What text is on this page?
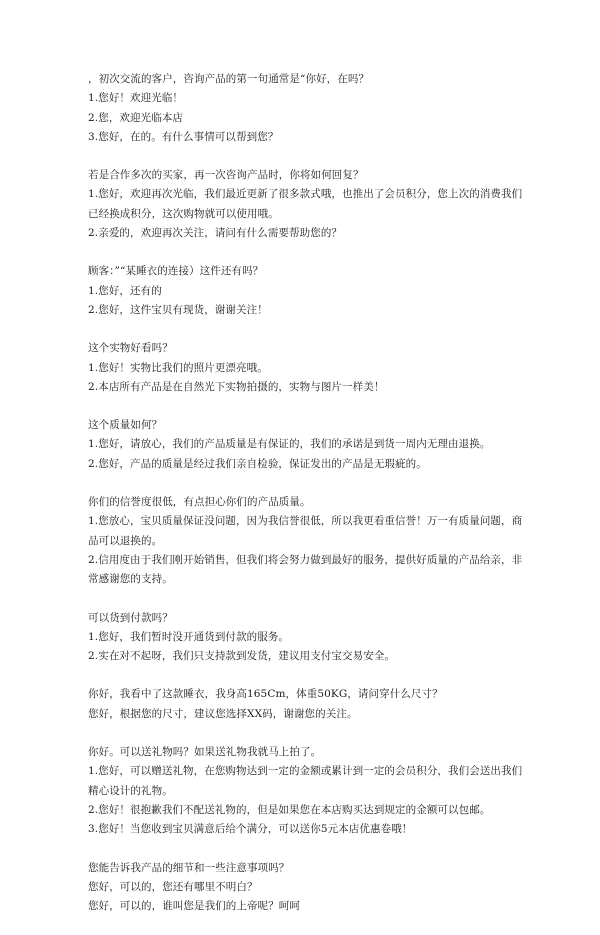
，初次交流的客户，咨询产品的第一句通常是“你好，在吗？

1.您好！欢迎光临！

2.您，欢迎光临本店

3.您好，在的。有什么事情可以帮到您？

若是合作多次的买家，再一次咨询产品时，你将如何回复？

1.您好，欢迎再次光临，我们最近更新了很多款式哦，也推出了会员积分，您上次的消费我们已经换成积分，这次购物就可以使用哦。

2.亲爱的，欢迎再次关注，请问有什么需要帮助您的？

顾客：”“某睡衣的连接）这件还有吗？

1.您好，还有的

2.您好，这件宝贝有现货，谢谢关注！

这个实物好看吗？

1.您好！实物比我们的照片更漂亮哦。

2.本店所有产品是在自然光下实物拍摄的，实物与图片一样美！

这个质量如何？

1.您好，请放心，我们的产品质量是有保证的，我们的承诺是到货一周内无理由退换。

2.您好，产品的质量是经过我们亲自检验，保证发出的产品是无瑕疵的。

你们的信誉度很低，有点担心你们的产品质量。

1.您放心，宝贝质量保证没问题，因为我信誉很低，所以我更看重信誉！万一有质量问题，商品可以退换的。

2.信用度由于我们刚开始销售，但我们将会努力做到最好的服务，提供好质量的产品给亲，非常感谢您的支持。

可以货到付款吗？

1.您好，我们暂时没开通货到付款的服务。

2.实在对不起呀，我们只支持款到发货，建议用支付宝交易安全。

你好，我看中了这款睡衣，我身高165Cm，体重50KG，请问穿什么尺寸？

您好，根据您的尺寸，建议您选择XX码，谢谢您的关注。

你好。可以送礼物吗？如果送礼物我就马上拍了。

1.您好，可以赠送礼物，在您购物达到一定的金额或累计到一定的会员积分，我们会送出我们精心设计的礼物。

2.您好！很抱歉我们不配送礼物的，但是如果您在本店购买达到规定的金额可以包邮。

3.您好！当您收到宝贝满意后给个满分，可以送你5元本店优惠卷哦！

您能告诉我产品的细节和一些注意事项吗？

您好，可以的，您还有哪里不明白？

您好，可以的，谁叫您是我们的上帝呢？呵呵
